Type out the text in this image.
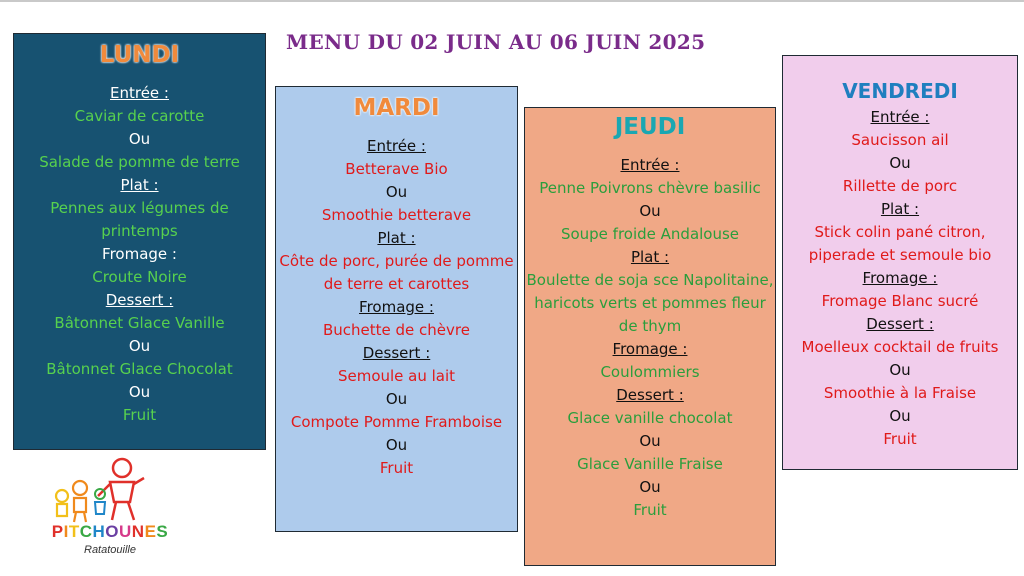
MENU DU 02 JUIN AU 06 JUIN 2025
LUNDI
Entrée :
Caviar de carotte
Ou
Salade de pomme de terre
Plat :
Pennes aux légumes de printemps
Fromage :
Croute Noire
Dessert :
Bâtonnet Glace Vanille
Ou
Bâtonnet Glace Chocolat
Ou
Fruit
MARDI
Entrée :
Betterave Bio
Ou
Smoothie betterave
Plat :
Côte de porc, purée de pomme de terre et carottes
Fromage :
Buchette de chèvre
Dessert :
Semoule au lait
Ou
Compote Pomme Framboise
Ou
Fruit
JEUDI
Entrée :
Penne Poivrons chèvre basilic
Ou
Soupe froide Andalouse
Plat :
Boulette de soja sce Napolitaine, haricots verts et pommes fleur de thym
Fromage :
Coulommiers
Dessert :
Glace vanille chocolat
Ou
Glace Vanille Fraise
Ou
Fruit
VENDREDI
Entrée :
Saucisson ail
Ou
Rillette de porc
Plat :
Stick colin pané citron, piperade et semoule bio
Fromage :
Fromage Blanc sucré
Dessert :
Moelleux cocktail de fruits
Ou
Smoothie à la Fraise
Ou
Fruit
PITCHOUNES
Ratatouille
